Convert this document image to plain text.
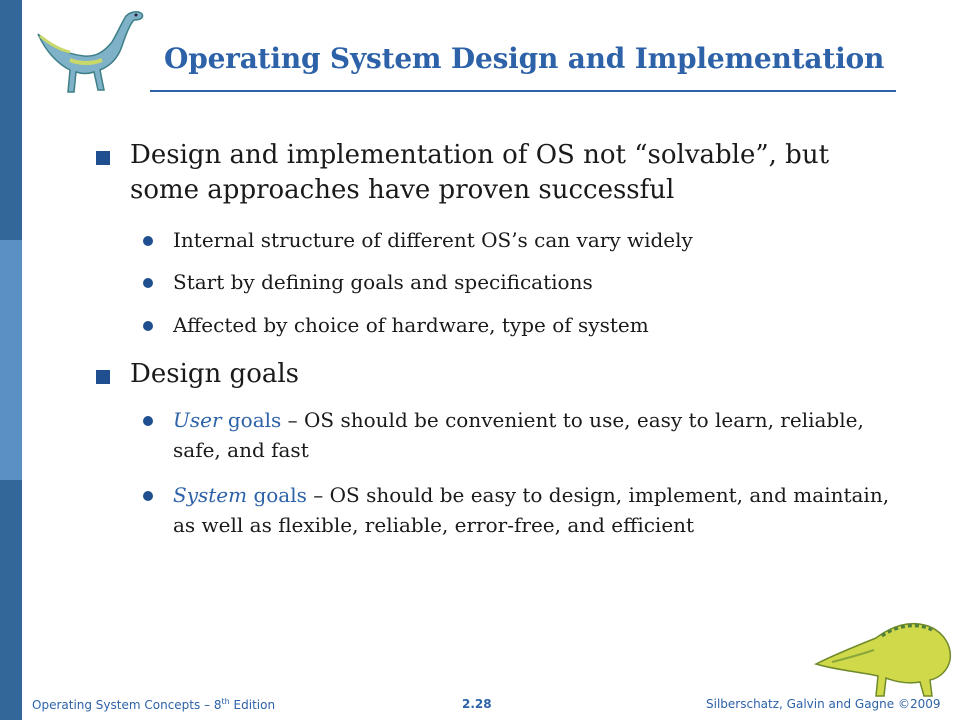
Operating System Design and Implementation
Design and implementation of OS not “solvable”, but some approaches have proven successful
Internal structure of different OS’s can vary widely
Start by defining goals and specifications
Affected by choice of hardware, type of system
Design goals
User goals – OS should be convenient to use, easy to learn, reliable, safe, and fast
System goals – OS should be easy to design, implement, and maintain, as well as flexible, reliable, error-free, and efficient
Operating System Concepts – 8th Edition	2.28	Silberschatz, Galvin and Gagne ©2009
